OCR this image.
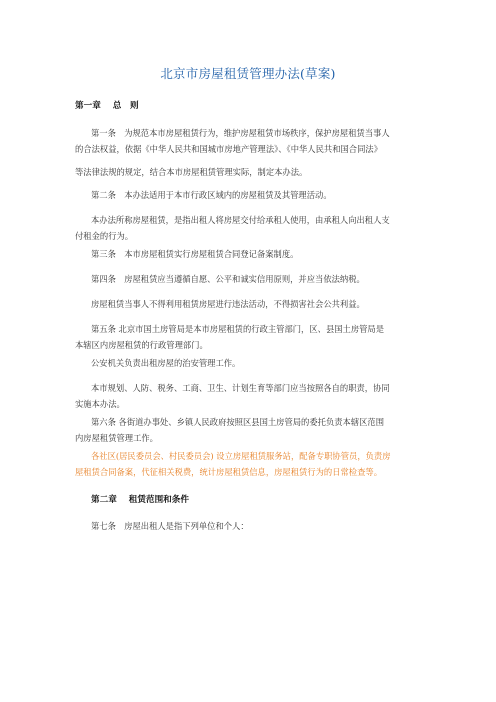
北京市房屋租赁管理办法(草案)
第一章 总　则
第一条　为规范本市房屋租赁行为，维护房屋租赁市场秩序，保护房屋租赁当事人
的合法权益，依据《中华人民共和国城市房地产管理法》、《中华人民共和国合同法》
等法律法规的规定，结合本市房屋租赁管理实际，制定本办法。
第二条　本办法适用于本市行政区域内的房屋租赁及其管理活动。
本办法所称房屋租赁，是指出租人将房屋交付给承租人使用，由承租人向出租人支
付租金的行为。
第三条　本市房屋租赁实行房屋租赁合同登记备案制度。
第四条　房屋租赁应当遵循自愿、公平和诚实信用原则，并应当依法纳税。
房屋租赁当事人不得利用租赁房屋进行违法活动，不得损害社会公共利益。
第五条 北京市国土房管局是本市房屋租赁的行政主管部门，区、县国土房管局是
本辖区内房屋租赁的行政管理部门。
公安机关负责出租房屋的治安管理工作。
本市规划、人防、税务、工商、卫生、计划生育等部门应当按照各自的职责，协同
实施本办法。
第六条 各街道办事处、乡镇人民政府按照区县国土房管局的委托负责本辖区范围
内房屋租赁管理工作。
各社区(居民委员会、村民委员会) 设立房屋租赁服务站，配备专职协管员，负责房
屋租赁合同备案，代征相关税费，统计房屋租赁信息，房屋租赁行为的日常检查等。
第二章 租赁范围和条件
第七条　房屋出租人是指下列单位和个人：
